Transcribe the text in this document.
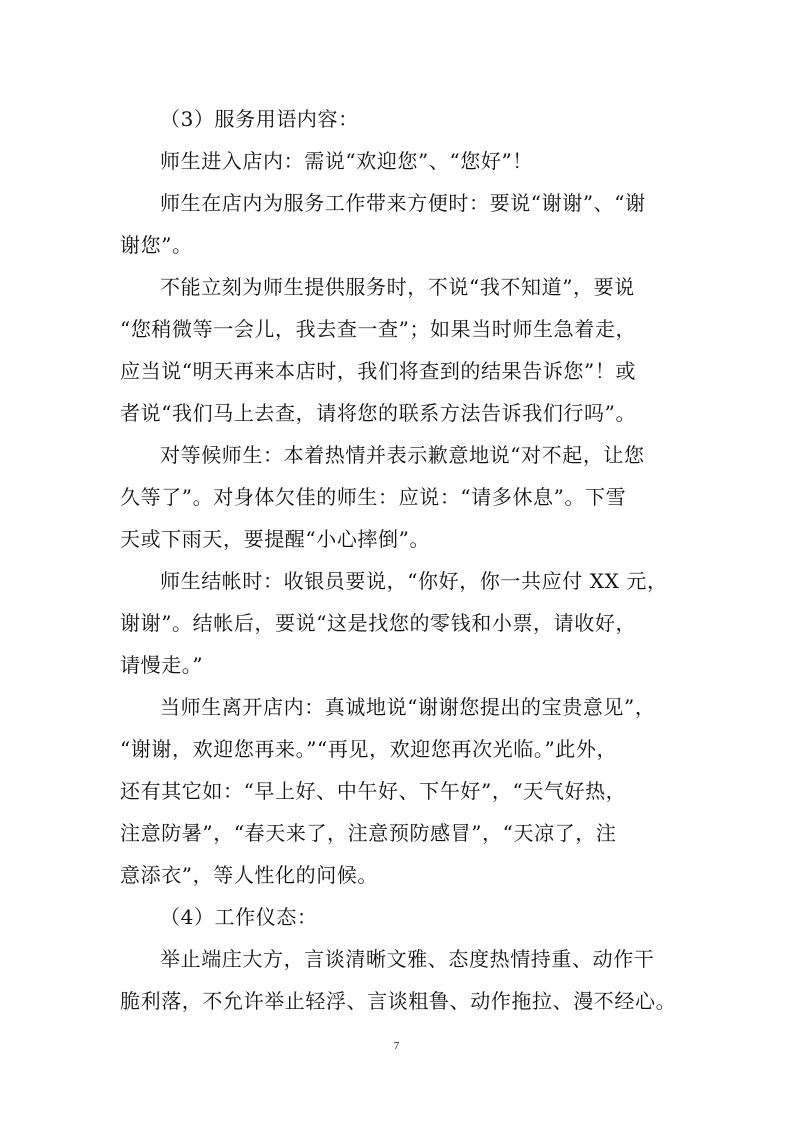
（3）服务用语内容：
师生进入店内：需说“欢迎您”、“您好”！
师生在店内为服务工作带来方便时：要说“谢谢”、“谢
谢您”。
不能立刻为师生提供服务时，不说“我不知道”，要说
“您稍微等一会儿，我去查一查”；如果当时师生急着走，
应当说“明天再来本店时，我们将查到的结果告诉您”！或
者说“我们马上去查，请将您的联系方法告诉我们行吗”。
对等候师生：本着热情并表示歉意地说“对不起，让您
久等了”。对身体欠佳的师生：应说：“请多休息”。下雪
天或下雨天，要提醒“小心摔倒”。
师生结帐时：收银员要说，“你好，你一共应付 XX 元，
谢谢”。结帐后，要说“这是找您的零钱和小票，请收好，
请慢走。”
当师生离开店内：真诚地说“谢谢您提出的宝贵意见”，
“谢谢，欢迎您再来。”“再见，欢迎您再次光临。”此外，
还有其它如：“早上好、中午好、下午好”，“天气好热，
注意防暑”，“春天来了，注意预防感冒”，“天凉了，注
意添衣”，等人性化的问候。
（4）工作仪态：
举止端庄大方，言谈清晰文雅、态度热情持重、动作干
脆利落，不允许举止轻浮、言谈粗鲁、动作拖拉、漫不经心。
7
